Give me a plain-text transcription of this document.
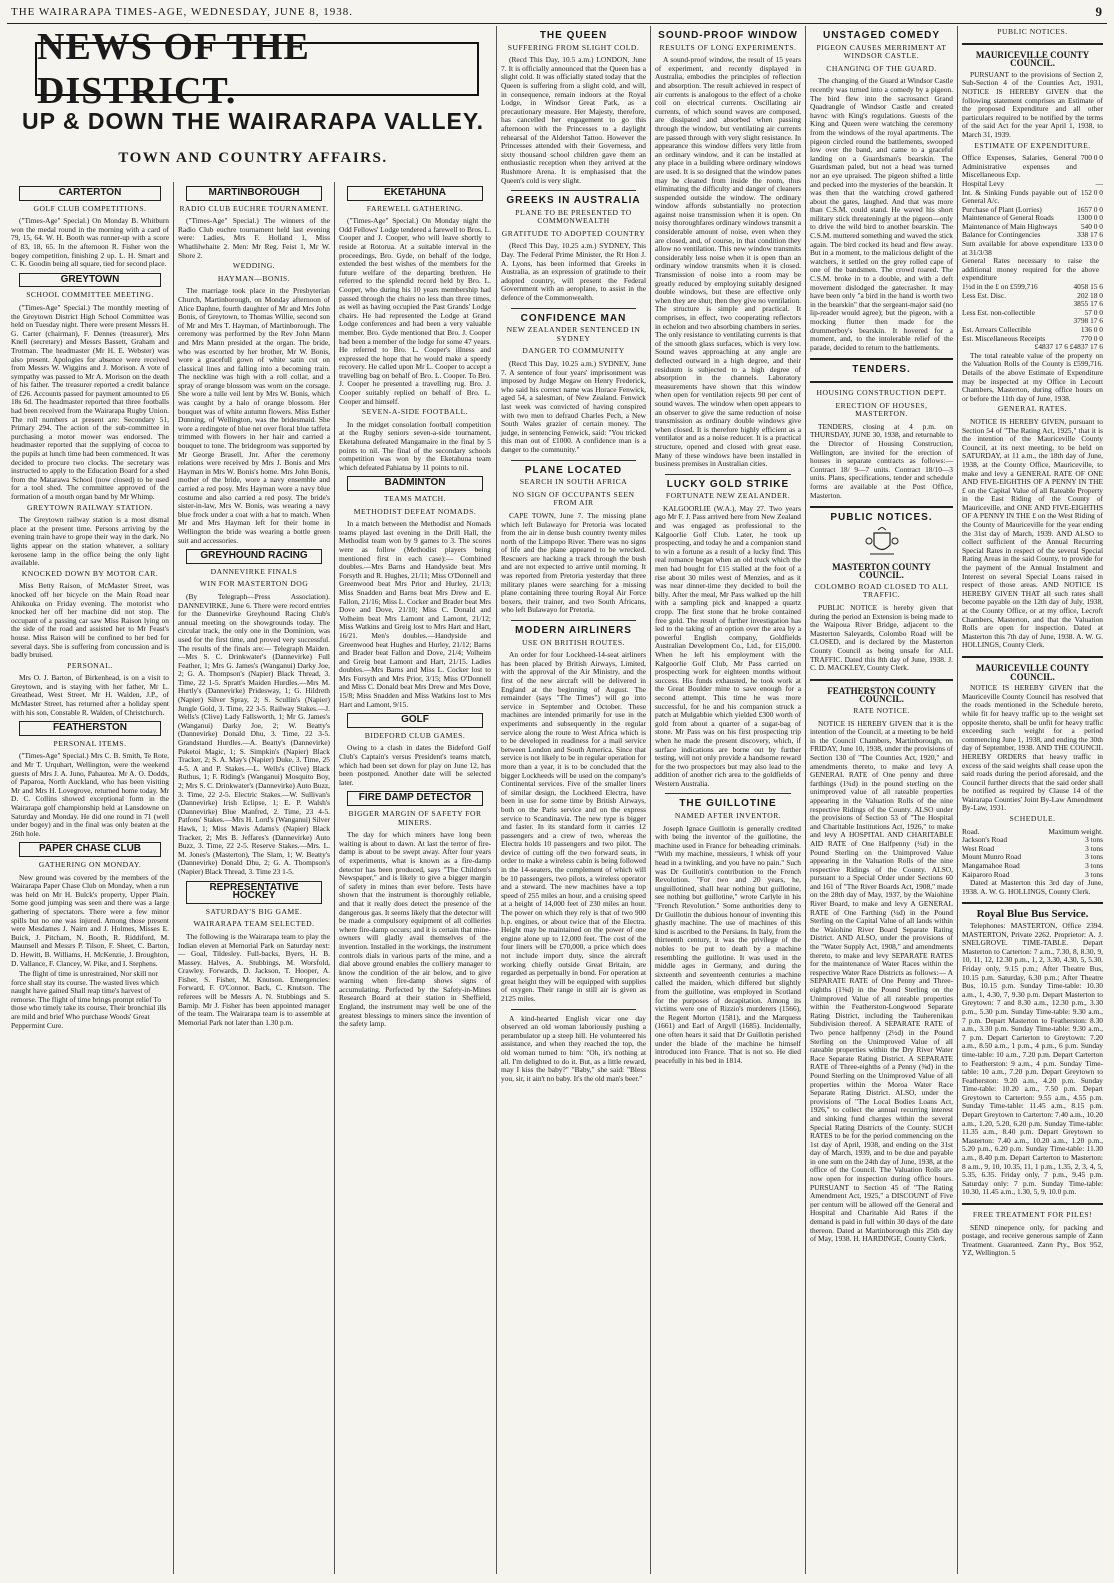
THE WAIRARAPA TIMES-AGE, WEDNESDAY, JUNE 8, 1938.	9
NEWS OF THE DISTRICT.
UP & DOWN THE WAIRARAPA VALLEY.
TOWN AND COUNTRY AFFAIRS.
CARTERTON
GOLF CLUB COMPETITIONS.

("Times-Age" Special.) On Monday B. Whitburn won the medal round in the morning with a card of 79, 15, 64. W. H. Booth was runner-up with a score of 83, 18, 65. In the afternoon R. Fisher won the bogey competition, finishing 2 up. L. H. Smart and C. K. Goodin being all square, tied for second place.

GREYTOWN
SCHOOL COMMITTEE MEETING.

("Times-Age" Special.) The monthly meeting of the Greytown District High School Committee was held on Tuesday night. There were present Messrs H. G. Carter (chairman), F. Dennes (treasurer), Mrs Knell (secretary) and Messrs Bassett, Graham and Trotman. The headmaster (Mr H. E. Webster) was also present. Apologies for absence were received from Messrs W. Wiggins and J. Morison. A vote of sympathy was passed to Mr A. Morison on the death of his father. The treasurer reported a credit balance of £26. Accounts passed for payment amounted to £6 18s 6d. The headmaster reported that three footballs had been received from the Wairarapa Rugby Union. The roll numbers at present are: Secondary 51, Primary 294. The action of the sub-committee in purchasing a motor mower was endorsed. The headmaster reported that the supplying of cocoa to the pupils at lunch time had been commenced. It was decided to procure two clocks. The secretary was instructed to apply to the Education Board for a shed from the Matarawa School (now closed) to be used for a tool shed. The committee approved of the formation of a mouth organ band by Mr Whimp.

GREYTOWN RAILWAY STATION.

The Greytown railway station is a most dismal place at the present time. Persons arriving by the evening train have to grope their way in the dark. No lights appear on the station whatever, a solitary kerosene lamp in the office being the only light available.

KNOCKED DOWN BY MOTOR CAR.

Miss Betty Raison, of McMaster Street, was knocked off her bicycle on the Main Road near Ahikouka on Friday evening. The motorist who knocked her off her machine did not stop. The occupant of a passing car saw Miss Raison lying on the side of the road and assisted her to Mr Feast's house. Miss Raison will be confined to her bed for several days. She is suffering from concussion and is badly bruised.

PERSONAL.

Mrs O. J. Barton, of Birkenhead, is on a visit to Greytown, and is staying with her father, Mr L. Greathead, West Street. Mr H. Walden, J.P., of McMaster Street, has returned after a holiday spent with his son, Constable R. Walden, of Christchurch.

FEATHERSTON
PERSONAL ITEMS.

("Times-Age" Special.) Mrs C. B. Smith, Te Rote, and Mr T. Urquhart, Wellington, were the weekend guests of Mrs J. A. Juno, Pahautea. Mr A. O. Dodds, of Paparoa, North Auckland, who has been visiting Mr and Mrs H. Lovegrove, returned home today. Mr D. C. Collins showed exceptional form in the Wairarapa golf championship held at Lansdowne on Saturday and Monday. He did one round in 71 (well under bogey) and in the final was only beaten at the 26th hole.

PAPER CHASE CLUB
GATHERING ON MONDAY.

New ground was covered by the members of the Wairarapa Paper Chase Club on Monday, when a run was held on Mr H. Bulck's property, Upper Plain. Some good jumping was seen and there was a large gathering of spectators. There were a few minor spills but no one was injured. Among those present were Mesdames J. Nairn and J. Holmes, Misses E. Buick, J. Pitcham, N. Booth, R. Riddiford, M. Maunsell and Messrs P. Tilson, F. Sheet, C. Barton, D. Hewitt, B. Williams, H. McKenzie, J. Broughton, D. Vallance, F. Clancey, W. Pike, and I. Stephens.

The flight of time is unrestrained, Nor skill nor force shall stay its course. The wasted lives which naught have gained Shall reap time's harvest of remorse. The flight of time brings prompt relief To those who timely take its course, Their bronchial ills are mild and brief Who purchase Woods' Great Peppermint Cure.

MARTINBOROUGH
RADIO CLUB EUCHRE TOURNAMENT.

("Times-Age" Special.) The winners of the Radio Club euchre tournament held last evening were: Ladies, Mrs F. Holland 1, Miss Whatlilwhaite 2. Men: Mr Reg. Feist 1, Mr W. Shore 2.

WEDDING.
HAYMAN—BONIS.

The marriage took place in the Presbyterian Church, Martinborough, on Monday afternoon of Alice Daphne, fourth daughter of Mr and Mrs John Bonis, of Greytown, to Thomas Willie, second son of Mr and Mrs T. Hayman, of Martinborough. The ceremony was performed by the Rev John Mann and Mrs Mann presided at the organ. The bride, who was escorted by her brother, Mr W. Bonis, wore a gracefull gown of white satin cut on classical lines and falling into a becoming train. The neckline was high with a roll collar, and a spray of orange blossom was worn on the corsage. She wore a tulle veil lent by Mrs W. Bonis, which was caught by a halo of orange blossom. Her bouquet was of white autumn flowers. Miss Esther Dunning, of Wellington, was the bridesmaid. She wore a redingote of blue net over floral blue taffeta trimmed with flowers in her hair and carried a bouquet to tone. The bridegroom was supported by Mr George Brasell, Jnr. After the ceremony relations were received by Mrs J. Bonis and Mrs Hayman in Mrs W. Bonis's home. Mrs John Bonis, mother of the bride, wore a navy ensemble and carried a red posy. Mrs Hayman wore a navy blue costume and also carried a red posy. The bride's sister-in-law, Mrs W. Bonis, was wearing a navy blue frock under a coat with a hat to match. When Mr and Mrs Hayman left for their home in Wellington the bride was wearing a bottle green suit and accessories.

GREYHOUND RACING
DANNEVIRKE FINALS
WIN FOR MASTERTON DOG

(By Telegraph—Press Association). DANNEVIRKE, June 6. There were record entries for the Dannevirke Greyhound Racing Club's annual meeting on the showgrounds today. The circular track, the only one in the Dominion, was used for the first time, and proved very successful. The results of the finals are:— Telegraph Maiden.—Mrs S. C. Drinkwater's (Dannevirke) Full Feather, 1; Mrs G. James's (Wanganui) Darky Joe, 2; G. A. Thompson's (Napier) Black Thread, 3. Time, 22 1-5. Spratt's Maiden Hurdles.—Mrs M. Hurtly's (Dannevirke) Pridesway, 1; G. Hildreth (Napier) Silver Spray, 2; S. Scullin's (Napier) Jungle Gold, 3. Time, 22 3-5. Railway Stakes.—J. Wells's (Clive) Lady Fallsworth, 1; Mr G. James's (Wanganui) Darky Joe, 2; W. Beatty's (Dannevirke) Donald Dhu, 3. Time, 22 3-5. Grandstand Hurdles.—A. Beatty's (Dannevirke) Puketoi Magic, 1; S. Simpkin's (Napier) Black Tracker, 2; S. A. May's (Napier) Duke, 3. Time, 25 4-5. A and P. Stakes.—L. Wells's (Clive) Black Ruthus, 1; F. Riding's (Wanganui) Mosquito Boy, 2; Mrs S. C. Drinkwater's (Dannevirke) Auto Buzz, 3. Time, 22 2-5. Electric Stakes.—W. Sullivan's (Dannevirke) Irish Eclipse, 1; E. P. Walsh's (Dannevirke) Blue Manfred, 2. Time, 23 4-5. Patfons' Stakes.—Mrs H. Lord's (Wanganui) Silver Hawk, 1; Miss Mavis Adams's (Napier) Black Tracker, 2; Mrs B. Jeffares's (Dannevirke) Auto Buzz, 3. Time, 22 2-5. Reserve Stakes.—Mrs. L. M. Jones's (Masterton), The Slam, 1; W. Beatty's (Dannevirke) Donald Dhu, 2; G. A. Thompson's (Napier) Black Thread, 3. Time 23 1-5.

REPRESENTATIVE HOCKEY
SATURDAY'S BIG GAME.
WAIRARAPA TEAM SELECTED.

The following is the Wairarapa team to play the Indian eleven at Memorial Park on Saturday next:— Goal, Tildesley. Full-backs, Byers, H. B. Massey. Halves, A. Stubbings, M. Worsfold, Crawley. Forwards, D. Jackson, T. Hooper, A. Fisher, S. Fisher, M. Knutson. Emergencies: Forward, F. O'Connor. Back, C. Knutson. The referees will be Messrs A. N. Stubbings and S. Barnip. Mr J. Fisher has been appointed manager of the team. The Wairarapa team is to assemble at Memorial Park not later than 1.30 p.m.

EKETAHUNA
FAREWELL GATHERING.

("Times-Age" Special.) On Monday night the Odd Fellows' Lodge tendered a farewell to Bros. L. Cooper and J. Cooper, who will leave shortly to reside at Rotorua. At a suitable interval in the proceedings, Bro. Gyde, on behalf of the lodge, extended the best wishes of the members for the future welfare of the departing brethren. He referred to the splendid record held by Bro. L. Cooper, who during his 10 years membership had passed through the chairs no less than three times, as well as having occupied the Past Grands' Lodge chairs. He had represented the Lodge at Grand Lodge conferences and had been a very valuable member. Bro. Gyde mentioned that Bro. J. Cooper had been a member of the lodge for some 47 years. He referred to Bro. L. Cooper's illness and expressed the hope that he would make a speedy recovery. He called upon Mr L. Cooper to accept a travelling bag on behalf of Bro. L. Cooper. To Bro. J. Cooper he presented a travelling rug. Bro. J. Cooper suitably replied on behalf of Bro. L. Cooper and himself.

SEVEN-A-SIDE FOOTBALL.

In the midget consolation football competition at the Rugby seniors seven-a-side tournament, Eketahuna defeated Mangamaire in the final by 5 points to nil. The final of the secondary schools competition was won by the Eketahuna team which defeated Pahiatua by 11 points to nil.

BADMINTON
TEAMS MATCH.
METHODIST DEFEAT NOMADS.

In a match between the Methodist and Nomads teams played last evening in the Drill Hall, the Methodist team won by 9 games to 3. The scores were as follow (Methodist players being mentioned first in each case):— Combined doubles.—Mrs Barns and Handyside beat Mrs Forsyth and R. Hughes, 21/11; Miss O'Donnell and Greenwood beat Mrs Prior and Hurley, 21/13; Miss Snadden and Barns beat Mrs Drew and E. Fallon, 21/16; Miss L. Cocker and Brader beat Mrs Dove and Dove, 21/10; Miss C. Donald and Volheim beat Mrs Lamont and Lamont, 21/12; Miss Watkins and Greig lost to Mrs Hart and Hart, 16/21. Men's doubles.—Handyside and Greenwood beat Hughes and Hurley, 21/12; Barns and Brader beat Fallon and Dove, 21/4; Volheim and Greig beat Lamont and Hart, 21/15. Ladies doubles.—Mrs Barns and Miss L. Cocker lost to Mrs Forsyth and Mrs Prior, 3/15; Miss O'Donnell and Miss C. Donald beat Mrs Drew and Mrs Dove, 15/8; Miss Snadden and Miss Watkins lost to Mrs Hart and Lamont, 9/15.

GOLF
BIDEFORD CLUB GAMES.

Owing to a clash in dates the Bideford Golf Club's Captain's versus President's teams match, which had been set down for play on June 12, has been postponed. Another date will be selected later.

FIRE DAMP DETECTOR
BIGGER MARGIN OF SAFETY FOR MINERS.

The day for which miners have long been waiting is about to dawn. At last the terror of fire-damp is about to be swept away. After four years of experiments, what is known as a fire-damp detector has been produced, says "The Children's Newspaper," and is likely to give a bigger margin of safety in mines than ever before. Tests have shown that the instrument is thoroughly reliable, and that it really does detect the presence of the dangerous gas. It seems likely that the detector will be made a compulsory equipment of all collieries where fire-damp occurs; and it is certain that mine-owners will gladly avail themselves of the invention. Installed in the workings, the instrument controls dials in various parts of the mine, and a dial above ground enables the colliery manager to know the condition of the air below, and to give warning when fire-damp shows signs of accumulating. Perfected by the Safety-in-Mines Research Board at their station in Sheffield, England, the instrument may well be one of the greatest blessings to miners since the invention of the safety lamp.

THE QUEEN
SUFFERING FROM SLIGHT COLD.

(Recd This Day, 10.5 a.m.) LONDON, June 7. It is officially announced that the Queen has a slight cold. It was officially stated today that the Queen is suffering from a slight cold, and will, in consequence, remain indoors at the Royal Lodge, in Windsor Great Park, as a precautionary measure. Her Majesty, therefore, has cancelled her engagement to go this afternoon with the Princesses to a daylight rehearsal of the Aldershot Tattoo. However the Princesses attended with their Governess, and sixty thousand school children gave them an enthusiastic reception when they arrived at the Rushmore Arena. It is emphasised that the Queen's cold is very slight.

GREEKS IN AUSTRALIA
PLANE TO BE PRESENTED TO COMMONWEALTH
GRATITUDE TO ADOPTED COUNTRY

(Recd This Day, 10.25 a.m.) SYDNEY, This Day. The Federal Prime Minister, the Rt Hon J. A. Lyons, has been informed that Greeks in Australia, as an expression of gratitude to their adopted country, will present the Federal Government with an aeroplane, to assist in the defence of the Commonwealth.

CONFIDENCE MAN
NEW ZEALANDER SENTENCED IN SYDNEY
DANGER TO COMMUNITY

(Recd This Day, 10.25 a.m.) SYDNEY, June 7. A sentence of four years' imprisonment was imposed by Judge Megaw on Henry Frederick, who said his correct name was Horace Fenwick, aged 54, a salesman, of New Zealand. Fenwick last week was convicted of having conspired with two men to defraud Charles Pech, a New South Wales grazier of certain money. The judge, in sentencing Fenwick, said: "You tricked this man out of £1000. A confidence man is a danger to the community."

PLANE LOCATED
SEARCH IN SOUTH AFRICA
NO SIGN OF OCCUPANTS SEEN FROM AIR

CAPE TOWN, June 7. The missing plane which left Bulawayo for Pretoria was located from the air in dense bush country twenty miles north of the Limpopo River. There was no signs of life and the plane appeared to be wrecked. Rescuers are hacking a track through the bush and are not expected to arrive until morning. It was reported from Pretoria yesterday that three military planes were searching for a missing plane containing three touring Royal Air Force boxers, their trainer, and two South Africans, who left Bulawayo for Pretoria.

MODERN AIRLINERS
USE ON BRITISH ROUTES.

An order for four Lockheed-14-seat airliners has been placed by British Airways, Limited, with the approval of the Air Ministry, and the first of the new aircraft will be delivered in England at the beginning of August. The remainder (says "The Times") will go into service in September and October. These machines are intended primarily for use in the experiments and subsequently in the regular service along the route to West Africa which is to be developed in readiness for a mail service between London and South America. Since that service is not likely to be in regular operation for more than a year, it is to be concluded that the bigger Lockheeds will be used on the company's Continental services. Five of the smaller liners of similar design, the Lockheed Electra, have been in use for some time by British Airways, both on the Paris service and on the express service to Scandinavia. The new type is bigger and faster. In its standard form it carries 12 passengers and a crew of two, whereas the Electra holds 10 passengers and two pilot. The device of cutting off the two forward seats, in order to make a wireless cabin is being followed in the 14-seaters, the complement of which will be 10 passengers, two pilots, a wireless operator and a steward. The new machines have a top speed of 255 miles an hour, and a cruising speed at a height of 14,000 feet of 230 miles an hour. The power on which they rely is that of two 900 h.p. engines, or about twice that of the Electra. Height may be maintained on the power of one engine alone up to 12,000 feet. The cost of the four liners will be £70,000, a price which does not include import duty, since the aircraft working chiefly outside Great Britain, are regarded as perpetually in bond. For operation at great height they will be equipped with supplies of oxygen. Their range in still air is given as 2125 miles.

A kind-hearted English vicar one day observed an old woman laboriously pushing a perambulator up a steep hill. He volunteered his assistance, and when they reached the top, the old woman turned to him: "Oh, it's nothing at all. I'm delighted to do it. But, as a little reward, may I kiss the baby?" "Baby," she said: "Bless you, sir, it ain't no baby. It's the old man's beer."

SOUND-PROOF WINDOW
RESULTS OF LONG EXPERIMENTS.

A sound-proof window, the result of 15 years of experiment, and recently displayed in Australia, embodies the principles of reflection and absorption. The result achieved in respect of air currents is analogous to the effect of a choke coil on electrical currents. Oscillating air currents, of which sound waves are composed, are dissipated and absorbed when passing through the window, but ventilating air currents are passed through with very slight resistance. In appearance this window differs very little from an ordinary window, and it can be installed at any place in a building where ordinary windows are used. It is so designed that the window panes may be cleaned from inside the room, thus eliminating the difficulty and danger of cleaners suspended outside the window. The ordinary window affords substantially no protection against noise transmission when it is open. On noisy thoroughfares ordinary windows transmit a considerable amount of noise, even when they are closed, and, of course, in that condition they allow no ventilation. This new window transmits considerably less noise when it is open than an ordinary window transmits when it is closed. Transmission of noise into a room may be greatly reduced by employing suitably designed double windows, but these are effective only when they are shut; then they give no ventilation. The structure is simple and practical. It comprises, in effect, two cooperating reflectors in echelon and two absorbing chambers in series. The only resistance to ventilating currents is that of the smooth glass surfaces, which is very low. Sound waves approaching at any angle are deflected outward in a high degree, and their residuum is subjected to a high degree of absorption in the channels. Laboratory measurements have shown that this window when open for ventilation rejects 90 per cent of sound waves. The window when open appears to an observer to give the same reduction of noise transmission as ordinary double windows give when closed. It is therefore highly efficient as a ventilator and as a noise reducer. It is a practical structure, opened and closed with great ease. Many of these windows have been installed in business premises in Australian cities.

LUCKY GOLD STRIKE
FORTUNATE NEW ZEALANDER.

KALGOORLIE (W.A.), May 27. Two years ago Mr F. J. Pass arrived here from New Zealand and was engaged as professional to the Kalgoorlie Golf Club. Later, he took up prospecting, and today he and a companion stand to win a fortune as a result of a lucky find. This real romance began when an old truck which the men had bought for £15 stalled at the foot of a rise about 30 miles west of Menzies, and as it was near dinner-time they decided to boil the billy. After the meal, Mr Pass walked up the hill with a sampling pick and knapped a quartz cropp. The first stone that he broke contained free gold. The result of further investigation has led to the taking of an option over the area by a powerful English company, Goldfields Australian Development Co., Ltd., for £15,000. When he left his employment with the Kalgoorlie Golf Club, Mr Pass carried on prospecting work for eighteen months without success. His funds exhausted, he took work at the Great Boulder mine to save enough for a second attempt. This time he was more successful, for he and his companion struck a patch at Mulgabbie which yielded £300 worth of gold from about a quarter of a sugar-bag of stone. Mr Pass was on his first prospecting trip when he made the present discovery, which, if surface indications are borne out by further testing, will not only provide a handsome reward for the two prospectors but may also lead to the addition of another rich area to the goldfields of Western Australia.

THE GUILLOTINE
NAMED AFTER INVENTOR.

Joseph Ignace Guillotin is generally credited with being the inventor of the guillotine, the machine used in France for beheading criminals. "With my machine, messieurs, I whisk off your head in a twinkling, and you have no pain." Such was Dr Guillotin's contribution to the French Revolution. "For two and 20 years, he, unguillotined, shall hear nothing but guillotine, see nothing but guillotine," wrote Carlyle in his "French Revolution." Some authorities deny to Dr Guillotin the dubious honour of inventing this ghastly machine. The use of machines of this kind is ascribed to the Persians. In Italy, from the thirteenth century, it was the privilege of the nobles to be put to death by a machine resembling the guillotine. It was used in the middle ages in Germany, and during the sixteenth and seventeenth centuries a machine called the maiden, which differed but slightly from the guillotine, was employed in Scotland for the purposes of decapitation. Among its victims were one of Rizzio's murderers (1566), the Regent Morton (1581), and the Marquess (1661) and Earl of Argyll (1685). Incidentally, one often hears it said that Dr Guillotin perished under the blade of the machine he himself introduced into France. That is not so. He died peacefully in his bed in 1814.

UNSTAGED COMEDY
PIGEON CAUSES MERRIMENT AT WINDSOR CASTLE.
CHANGING OF THE GUARD.

The changing of the Guard at Windsor Castle recently was turned into a comedy by a pigeon. The bird flew into the sacrosanct Grand Quadrangle of Windsor Castle and created havoc with King's regulations. Guests of the King and Queen were watching the ceremony from the windows of the royal apartments. The pigeon circled round the battlements, swooped low over the band, and came to a graceful landing on a Guardsman's bearskin. The Guardsman paled, but not a head was turned nor an eye upraised. The pigeon shifted a little and pecked into the mysteries of the bearskin. It was then that the watching crowd gathered about the gates, laughed. And that was more than C.S.M. could stand. He waved his short military stick threateningly at the pigeon—only to drive the wild bird to another bearskin. The C.S.M. muttered something and waved the stick again. The bird cocked its head and flew away. But in a moment, to the malicious delight of the watchers, it settled on the grey rolled cape of one of the bandsmen. The crowd roared. The C.S.M. broke in to a double, and with a deft movement dislodged the gatecrasher. It may have been only "a bird in the hand is worth two in the bearskin" that the sergeant-major said (no lip-reader would agree); but the pigeon, with a mocking flutter then made for the drummerboy's bearskin. It hovered for a moment, and, to the intolerable relief of the parade, decided to return to the battlements.

TENDERS.
HOUSING CONSTRUCTION DEPT.
ERECTION OF HOUSES, MASTERTON.

TENDERS, closing at 4 p.m. on THURSDAY, JUNE 30, 1938, and returnable to the Director of Housing Construction, Wellington, are invited for the erection of houses in separate contracts as follows:— Contract 18/ 9—7 units. Contract 18/10—3 units. Plans, specifications, tender and schedule forms are available at the Post Office, Masterton.

PUBLIC NOTICES.
MASTERTON COUNTY COUNCIL.
COLOMBO ROAD CLOSED TO ALL TRAFFIC.

PUBLIC NOTICE is hereby given that during the period an Extension is being made to the Waipoua River Bridge, adjacent to the Masterton Saleyards, Colombo Road will be CLOSED, and is declared by the Masterton County Council as being unsafe for ALL TRAFFIC. Dated this 8th day of June, 1938. J. C. D. MACKLEY, County Clerk.

FEATHERSTON COUNTY COUNCIL.
RATE NOTICE.

NOTICE IS HEREBY GIVEN that it is the intention of the Council, at a meeting to be held in the Council Chambers, Martinborough, on FRIDAY, June 10, 1938, under the provisions of Section 130 of "The Counties Act, 1920," and amendments thereto, to make and levy A GENERAL RATE of One penny and three farthings (1¾d) in the pound sterling on the unimproved value of all rateable properties appearing in the Valuation Rolls of the nine respective Ridings of the County. ALSO under the provisions of Section 53 of "The Hospital and Charitable Institutions Act, 1926," to make and levy A HOSPITAL AND CHARITABLE AID RATE of One Halfpenny (½d) in the Pound Sterling on the Unimproved Value appearing in the Valuation Rolls of the nine respective Ridings of the County. ALSO, pursuant to a Special Order under Sections 60 and 161 of "The River Boards Act, 1908," made on the 28th day of May, 1937, by the Waiohine River Board, to make and levy A GENERAL RATE of One Farthing (¼d) in the Pound Sterling on the Capital Value of all lands within the Waiohine River Board Separate Rating District. AND ALSO, under the provisions of the "Water Supply Act, 1908," and amendments thereto, to make and levy SEPARATE RATES for the maintenance of Water Races within the respective Water Race Districts as follows:— A SEPARATE RATE of One Penny and Three-eighths (1⅜d) in the Pound Sterling on the Unimproved Value of all rateable properties within the Featherston-Longwood Separate Rating District, including the Tauherenikau Subdivision thereof. A SEPARATE RATE of Two pence halfpenny (2½d) in the Pound Sterling on the Unimproved Value of all rateable properties within the Dry River Water Race Separate Rating District. A SEPARATE RATE of Three-eighths of a Penny (⅜d) in the Pound Sterling on the Unimproved Value of all properties within the Moroa Water Race Separate Rating District. ALSO, under the provisions of "The Local Bodies Loans Act, 1926," to collect the annual recurring interest and sinking fund charges within the several Special Rating Districts of the County. SUCH RATES to be for the period commencing on the 1st day of April, 1938, and ending on the 31st day of March, 1939, and to be due and payable in one sum on the 24th day of June, 1938, at the office of the Council. The Valuation Rolls are now open for inspection during office hours. PURSUANT to Section 45 of "The Rating Amendment Act, 1925," a DISCOUNT of Five per centum will be allowed off the General and Hospital and Charitable Aid Rates if the demand is paid in full within 30 days of the date thereon. Dated at Martinborough this 25th day of May, 1938. H. HARDINGE, County Clerk.

PUBLIC NOTICES.
MAURICEVILLE COUNTY COUNCIL.

PURSUANT to the provisions of Section 2, Sub-Section 4 of the Counties Act, 1931, NOTICE IS HEREBY GIVEN that the following statement comprises an Estimate of the proposed Expenditure and all other particulars required to be notified by the terms of the said Act for the year April 1, 1938, to March 31, 1939.

ESTIMATE OF EXPENDITURE.
Office Expenses, Salaries, General Administrative expenses and Miscellaneous Exp.
700 0 0
Hospital Levy	—
Int. & Sinking Funds payable out of General A/c.
152 0 0
Purchase of Plant (Lorries)	1657 0 0
Maintenance of General Roads	1300 0 0
Maintenance of Main Highways	540 0 0
Balance for Contingencies	338 17 6
Sum available for above expenditure at 31/3/38
133 0 0
General Rates necessary to raise the additional money required for the above expenditure
1½d in the £ on £599,716	4058 15 6
Less Est. Disc.	202 18 0
3855 17 6
Less Est. non-collectible	57 0 0
3798 17 6
Est. Arrears Collectible	136 0 0
Est. Miscellaneous Receipts	770 0 0
£4837 17 6 £4837 17 6

The total rateable value of the property on the Valuation Rolls of the County is £599,716. Details of the above Estimate of Expenditure may be inspected at my Office in Lecoutt Chambers, Masterton, during office hours on or before the 11th day of June, 1938.

GENERAL RATES.

NOTICE IS HEREBY GIVEN, pursuant to Section 54 of "The Rating Act, 1925," that it is the intention of the Mauriceville County Council, at its next meeting, to be held on SATURDAY, at 11 a.m., the 18th day of June, 1938, at the County Office, Mauriceville, to make and levy a GENERAL RATE OF ONE AND FIVE-EIGHTHS OF A PENNY IN THE £ on the Capital Value of all Rateable Property in the East Riding of the County of Mauriceville, and ONE AND FIVE-EIGHTHS OF A PENNY IN THE £ on the West Riding of the County of Mauriceville for the year ending the 31st day of March, 1939. AND ALSO to collect sufficient of the Annual Recurring Special Rates in respect of the several Special Rating Areas in the said County, to provide for the payment of the Annual Instalment and Interest on several Special Loans raised in respect of those areas. AND NOTICE IS HEREBY GIVEN THAT all such rates shall become payable on the 12th day of July, 1938, at the County Office, or at my office, Lecroft Chambers, Masterton, and that the Valuation Rolls are open for inspection. Dated at Masterton this 7th day of June, 1938. A. W. G. HOLLINGS, County Clerk.

MAURICEVILLE COUNTY COUNCIL.

NOTICE IS HEREBY GIVEN that the Mauriceville County Council has resolved that the roads mentioned in the Schedule hereto, while fit for heavy traffic up to the weight set opposite thereto, shall be unfit for heavy traffic exceeding such weight for a period commencing June 1, 1938, and ending the 30th day of September, 1938. AND THE COUNCIL HEREBY ORDERS that heavy traffic in excess of the said weights shall cease upon the said roads during the period aforesaid, and the Council further directs that the said order shall be notified as required by Clause 14 of the Wairarapa Counties' Joint By-Law Amendment By-Law, 1931.

SCHEDULE.
Road.	Maximum weight.
Jackson's Road	3 tons
West Road	3 tons
Mount Munro Road	3 tons
Mangamahoe Road	3 tons
Kaiparoro Road	3 tons

Dated at Masterton this 3rd day of June, 1938. A. W. G. HOLLINGS, County Clerk.

Royal Blue Bus Service.

Telephones: MASTERTON, Office 2394. MASTERTON, Private 2262. Proprietor: A. J. SNELGROVE. TIME-TABLE. Depart Masterton to Carterton: 7 a.m., 7.30, 8, 8.30, 9, 10, 11, 12, 12.30 p.m., 1, 2, 3.30, 4.30, 5, 5.30. Friday only, 9.15 p.m.; After Theatre Bus, 10.15 p.m. Saturday, 6.30 p.m.; After Theatre Bus, 10.15 p.m. Sunday Time-table: 10.30 a.m., 1, 4.30, 7, 9.30 p.m. Depart Masterton to Greytown: 7 and 8.30 a.m., 12.30 p.m., 3.30 p.m., 5.30 p.m. Sunday Time-table: 9.30 a.m., 7 p.m. Depart Masterton to Featherston: 8.30 a.m., 3.30 p.m. Sunday Time-table: 9.30 a.m., 7 p.m. Depart Carterton to Greytown: 7.20 a.m., 8.50 a.m., 1 p.m., 4 p.m., 6 p.m. Sunday time-table: 10 a.m., 7.20 p.m. Depart Carterton to Featherston: 9 a.m., 4 p.m. Sunday Time-table: 10 a.m., 7.20 p.m. Depart Greytown to Featherston: 9.20 a.m., 4.20 p.m. Sunday Time-table: 10.20 a.m., 7.50 p.m. Depart Greytown to Carterton: 9.55 a.m., 4.55 p.m. Sunday Time-table: 11.45 a.m., 8.15 p.m. Depart Greytown to Carterton: 7.40 a.m., 10.20 a.m., 1.20, 5.20, 6.20 p.m. Sunday Time-table: 11.35 a.m., 8.40 p.m. Depart Greytown to Masterton: 7.40 a.m., 10.20 a.m., 1.20 p.m., 5.20 p.m., 6.20 p.m. Sunday Time-table: 11.30 a.m., 8.40 p.m. Depart Carterton to Masterton: 8 a.m., 9, 10, 10.35, 11, 1 p.m., 1.35, 2, 3, 4, 5, 5.35, 6.35. Friday only, 7 p.m., 9.45 p.m. Saturday only: 7 p.m. Sunday Time-table: 10.30, 11.45 a.m., 1.30, 5, 9, 10.0 p.m.

FREE TREATMENT FOR PILES!

SEND ninepence only, for packing and postage, and receive generous sample of Zann Treatment. Guaranteed. Zann Pty., Box 952, YZ, Wellington. 5
